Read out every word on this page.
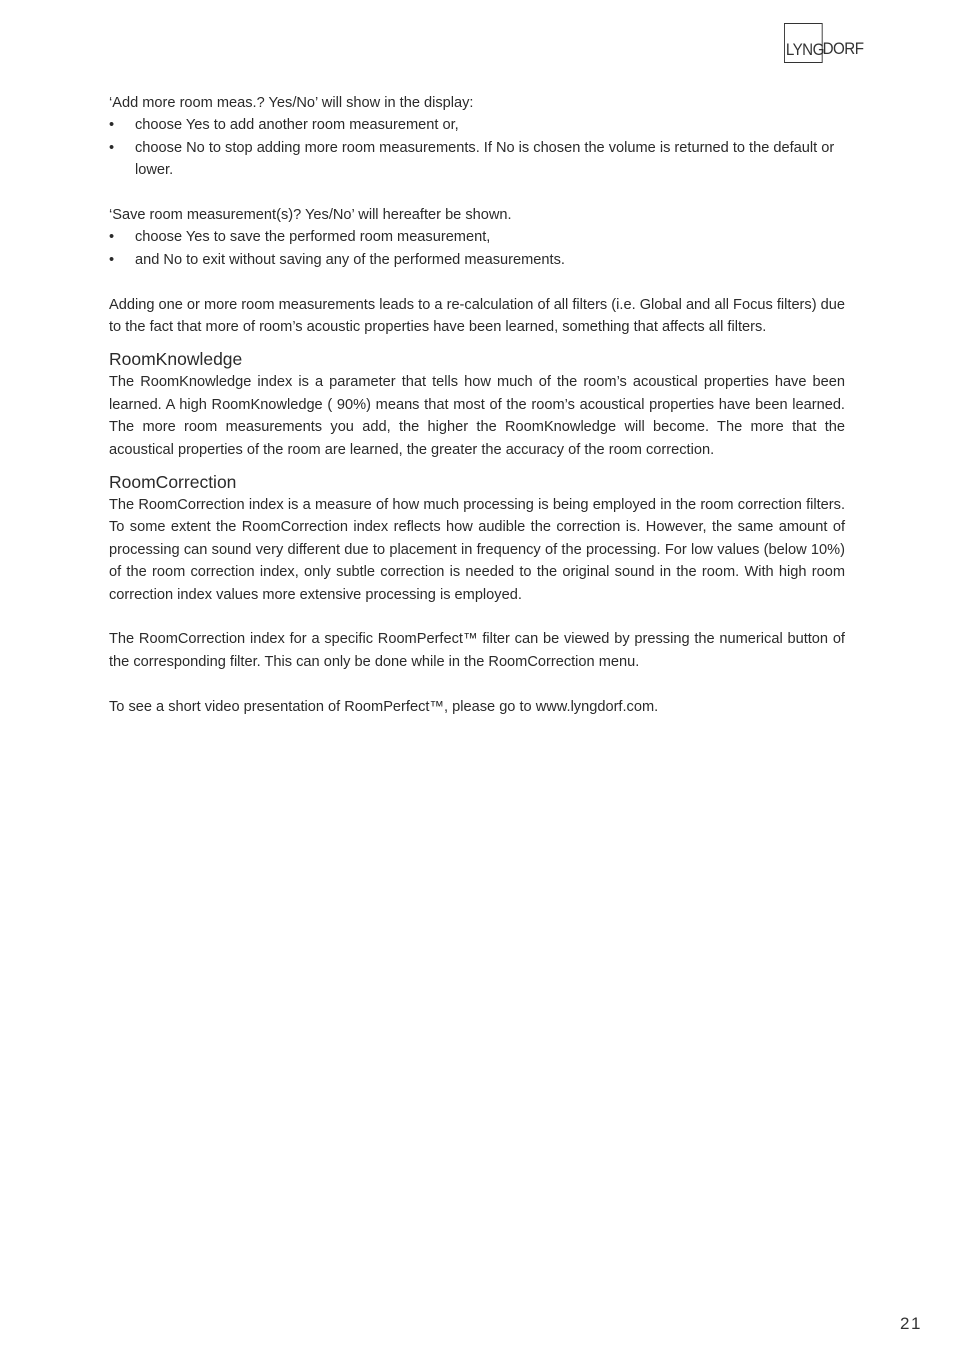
LYNG
DORF

‘Add more room meas.? Yes/No’ will show in the display:

•	choose Yes to add another room measurement or,
•	choose No to stop adding more room measurements. If No is chosen the volume is returned to the default or lower.

‘Save room measurement(s)? Yes/No’ will hereafter be shown.

•	choose Yes to save the performed room measurement,
•	and No to exit without saving any of the performed measurements.

Adding one or more room measurements leads to a re-calculation of all filters (i.e. Global and all Focus filters) due to the fact that more of room’s acoustic properties have been learned, something that affects all filters.

RoomKnowledge

The RoomKnowledge index is a parameter that tells how much of the room’s acoustical properties have been learned. A high RoomKnowledge ( 90%) means that most of the room’s acoustical properties have been learned. The more room measurements you add, the higher the RoomKnowledge will become. The more that the acoustical properties of the room are learned, the greater the accuracy of the room correction.

RoomCorrection

The RoomCorrection index is a measure of how much processing is being employed in the room correction filters. To some extent the RoomCorrection index reflects how audible the correction is. However, the same amount of processing can sound very different due to placement in frequency of the processing. For low values (below 10%) of the room correction index, only subtle correction is needed to the original sound in the room. With high room correction index values more extensive processing is employed.

The RoomCorrection index for a specific RoomPerfect™ filter can be viewed by pressing the numerical button of the corresponding filter. This can only be done while in the RoomCorrection menu.

To see a short video presentation of RoomPerfect™, please go to www.lyngdorf.com.

21
